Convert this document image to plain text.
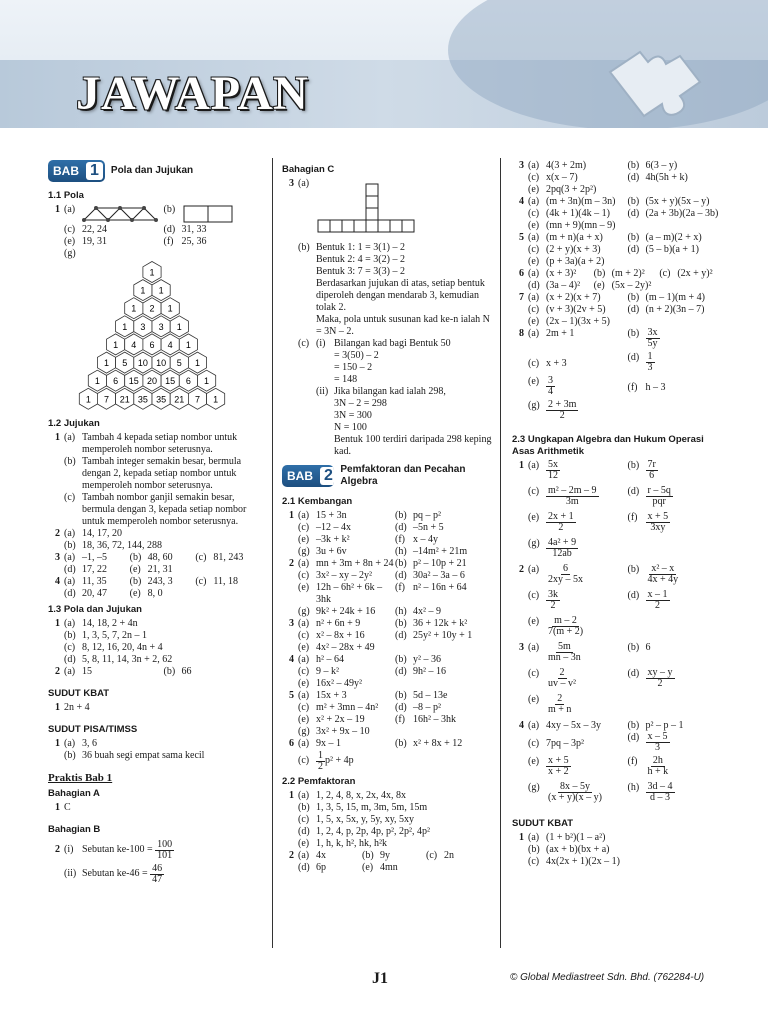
JAWAPAN
BAB 1	Pola dan Jujukan
1.1 Pola
1 (a)	(b)
(c) 22, 24	(d) 31, 33
(e) 19, 31	(f) 25, 36
(g)
1
1 1
1 2 1
1 3 3 1
1 4 6 4 1
1 5 10 10 5 1
1 6 15 20 15 6 1
1 7 21 35 35 21 7 1
1.2 Jujukan
1 (a) Tambah 4 kepada setiap nombor untuk memperoleh nombor seterusnya.
(b) Tambah integer semakin besar, bermula dengan 2, kepada setiap nombor untuk memperoleh nombor seterusnya.
(c) Tambah nombor ganjil semakin besar, bermula dengan 3, kepada setiap nombor untuk memperoleh nombor seterusnya.
2 (a) 14, 17, 20
(b) 18, 36, 72, 144, 288
3 (a) –1, –5	(b) 48, 60	(c) 81, 243
(d) 17, 22	(e) 21, 31
4 (a) 11, 35	(b) 243, 3	(c) 11, 18
(d) 20, 47	(e) 8, 0
1.3 Pola dan Jujukan
1 (a) 14, 18, 2 + 4n
(b) 1, 3, 5, 7, 2n – 1
(c) 8, 12, 16, 20, 4n + 4
(d) 5, 8, 11, 14, 3n + 2, 62
2 (a) 15	(b) 66
SUDUT KBAT
1 2n + 4
SUDUT PISA/TIMSS
1 (a) 3, 6
(b) 36 buah segi empat sama kecil
Praktis Bab 1
Bahagian A
1 C
Bahagian B
2 (i) Sebutan ke-100 =
$\frac{100}{101}$
(ii) Sebutan ke-46 =
$\frac{46}{47}$
Bahagian C
3 (a)
(b) Bentuk 1: 1 = 3(1) – 2
Bentuk 2: 4 = 3(2) – 2
Bentuk 3: 7 = 3(3) – 2
Berdasarkan jujukan di atas, setiap bentuk diperoleh dengan mendarab 3, kemudian tolak 2.
Maka, pola untuk susunan kad ke-n ialah N = 3N – 2.
(c) (i) Bilangan kad bagi Bentuk 50
= 3(50) – 2
= 150 – 2
= 148
(ii) Jika bilangan kad ialah 298,
3N – 2 = 298
3N = 300
N = 100
Bentuk 100 terdiri daripada 298 keping kad.
BAB 2 Pemfaktoran dan Pecahan Algebra
2.1 Kembangan
1 (a) 15 + 3n	(b) pq – p²
(c) –12 – 4x	(d) –5n + 5
(e) –3k + k²	(f) x – 4y
(g) 3u + 6v	(h) –14m² + 21m
2 (a) mn + 3m + 8n + 24 (b) p² – 10p + 21
(c) 3x² – xy – 2y²	(d) 30a² – 3a – 6
(e) 12h – 6h² + 6k – 3hk
(f) n² – 16n + 64
(g) 9k² + 24k + 16	(h) 4x² – 9
3 (a) n² + 6n + 9	(b) 36 + 12k + k²
(c) x² – 8x + 16	(d) 25y² + 10y + 1
(e) 4x² – 28x + 49
4 (a) h² – 64	(b) y² – 36
(c) 9 – k²	(d) 9h² – 16
(e) 16x² – 49y²
5 (a) 15x + 3	(b) 5d – 13e
(c) m² + 3mn – 4n²	(d) –8 – p²
(e) x² + 2x – 19	(f) 16h² – 3hk
(g) 3x² + 9x – 10
6 (a) 9x – 1	(b) x² + 8x + 12
$(c) \frac{1}{2} p^2 + 4p$
2.2 Pemfaktoran
1 (a) 1, 2, 4, 8, x, 2x, 4x, 8x
(b) 1, 3, 5, 15, m, 3m, 5m, 15m
(c) 1, 5, x, 5x, y, 5y, xy, 5xy
(d) 1, 2, 4, p, 2p, 4p, p², 2p², 4p²
(e) 1, h, k, h², hk, h²k
2 (a) 4x	(b) 9y	(c) 2n
(d) 6p	(e) 4mn
3 (a) 4(3 + 2m)	(b) 6(3 – y)
(c) x(x – 7)	(d) 4h(5h + k)
(e) 2pq(3 + 2p²)
4 (a) (m + 3n)(m – 3n)	(b) (5x + y)(5x – y)
(c) (4k + 1)(4k – 1)	(d) (2a + 3b)(2a – 3b)
(e) (mn + 9)(mn – 9)
5 (a) (m + n)(a + x)	(b) (a – m)(2 + x)
(c) (2 + y)(x + 3)	(d) (5 – b)(a + 1)
(e) (p + 3a)(a + 2)
6 (a) (x + 3)²	(b) (m + 2)²	(c) (2x + y)²
(d) (3a – 4)²	(e) (5x – 2y)²
7 (a) (x + 2)(x + 7)	(b) (m – 1)(m + 4)
(c) (v + 3)(2v + 5)	(d) (n + 2)(3n – 7)
(e) (2x – 1)(3x + 5)
8 (a) 2m + 1	$(b) \frac{3x}{5y}$
(c) x + 3
$(d) \frac{1}{3}$
$(e) \frac{3}{4}$	(f) h – 3
$(g) \frac{2 + 3m}{2}$
2.3 Ungkapan Algebra dan Hukum Operasi Asas Arithmetik
1 $(a) \frac{5x}{12}$	$(b) \frac{7r}{6}$
$(c) \frac{\text{m² – 2m – 9}}{3m}$	$(d) \frac{r - 5q}{\text{pqr}}$
$(e) \frac{2x + 1}{2}$	$(f) \frac{x + 5}{3xy}$
$(g) \frac{\text{4a² + 9}}{12ab}$
2 $(a) \frac{6}{2xy - 5x}$	$(b) \frac{\text{x² – x}}{4x + 4y}$
$(c) \frac{3k}{2}$	$(d) \frac{x - 1}{2}$
$(e) \frac{m - 2}{7(m + 2)}$
3 $(a) \frac{5m}{mn - 3n}$	(b) 6
$(c) \frac{2}{\text{uv – v²}}$	$(d) \frac{xy - y}{2}$
$(e) \frac{2}{m + n}$
4 (a) 4xy – 5x – 3y	(b) p² – p – 1
(c) 7pq – 3p²
$(d) \frac{x - 5}{3}$
$(e) \frac{x + 5}{x + 2}$	$(f) \frac{2h}{h + k}$
$(g) \frac{8x - 5y}{(x + y)(x - y)} (h) \frac{3d - 4}{d - 3}$
SUDUT KBAT
1 (a) (1 + b²)(1 – a²)
(b) (ax + b)(bx + a)
(c) 4x(2x + 1)(2x – 1)
J1	© Global Mediastreet Sdn. Bhd. (762284-U)
